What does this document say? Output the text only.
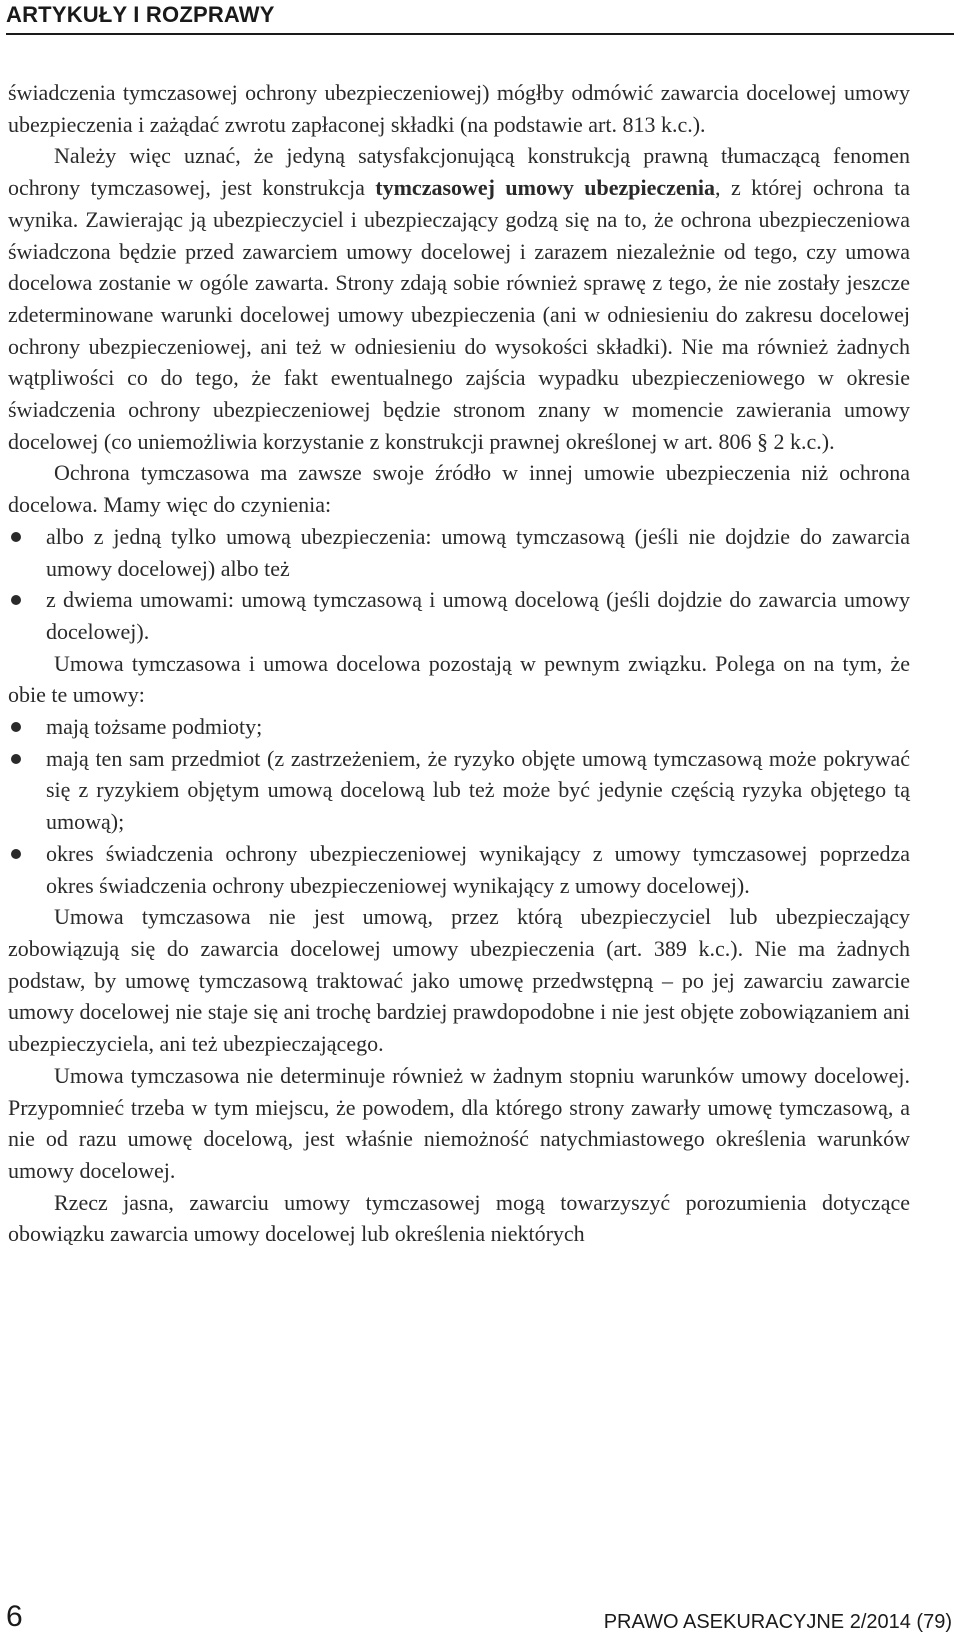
ARTYKUŁY I ROZPRAWY

świadczenia tymczasowej ochrony ubezpieczeniowej) mógłby odmówić zawarcia docelowej umowy ubezpieczenia i zażądać zwrotu zapłaconej składki (na podstawie art. 813 k.c.).

Należy więc uznać, że jedyną satysfakcjonującą konstrukcją prawną tłumaczącą fenomen ochrony tymczasowej, jest konstrukcja tymczasowej umowy ubezpieczenia, z której ochrona ta wynika. Zawierając ją ubezpieczyciel i ubezpieczający godzą się na to, że ochrona ubezpieczeniowa świadczona będzie przed zawarciem umowy docelowej i zarazem niezależnie od tego, czy umowa docelowa zostanie w ogóle zawarta. Strony zdają sobie również sprawę z tego, że nie zostały jeszcze zdeterminowane warunki docelowej umowy ubezpieczenia (ani w odniesieniu do zakresu docelowej ochrony ubezpieczeniowej, ani też w odniesieniu do wysokości składki). Nie ma również żadnych wątpliwości co do tego, że fakt ewentualnego zajścia wypadku ubezpieczeniowego w okresie świadczenia ochrony ubezpieczeniowej będzie stronom znany w momencie zawierania umowy docelowej (co uniemożliwia korzystanie z konstrukcji prawnej określonej w art. 806 § 2 k.c.).

Ochrona tymczasowa ma zawsze swoje źródło w innej umowie ubezpieczenia niż ochrona docelowa. Mamy więc do czynienia:

albo z jedną tylko umową ubezpieczenia: umową tymczasową (jeśli nie dojdzie do zawarcia umowy docelowej) albo też
z dwiema umowami: umową tymczasową i umową docelową (jeśli dojdzie do zawarcia umowy docelowej).

Umowa tymczasowa i umowa docelowa pozostają w pewnym związku. Polega on na tym, że obie te umowy:

mają tożsame podmioty;
mają ten sam przedmiot (z zastrzeżeniem, że ryzyko objęte umową tymczasową może pokrywać się z ryzykiem objętym umową docelową lub też może być jedynie częścią ryzyka objętego tą umową);
okres świadczenia ochrony ubezpieczeniowej wynikający z umowy tymczasowej poprzedza okres świadczenia ochrony ubezpieczeniowej wynikający z umowy docelowej).

Umowa tymczasowa nie jest umową, przez którą ubezpieczyciel lub ubezpieczający zobowiązują się do zawarcia docelowej umowy ubezpieczenia (art. 389 k.c.). Nie ma żadnych podstaw, by umowę tymczasową traktować jako umowę przedwstępną – po jej zawarciu zawarcie umowy docelowej nie staje się ani trochę bardziej prawdopodobne i nie jest objęte zobowiązaniem ani ubezpieczyciela, ani też ubezpieczającego.

Umowa tymczasowa nie determinuje również w żadnym stopniu warunków umowy docelowej. Przypomnieć trzeba w tym miejscu, że powodem, dla którego strony zawarły umowę tymczasową, a nie od razu umowę docelową, jest właśnie niemożność natychmiastowego określenia warunków umowy docelowej.

Rzecz jasna, zawarciu umowy tymczasowej mogą towarzyszyć porozumienia dotyczące obowiązku zawarcia umowy docelowej lub określenia niektórych

6	PRAWO ASEKURACYJNE 2/2014 (79)
